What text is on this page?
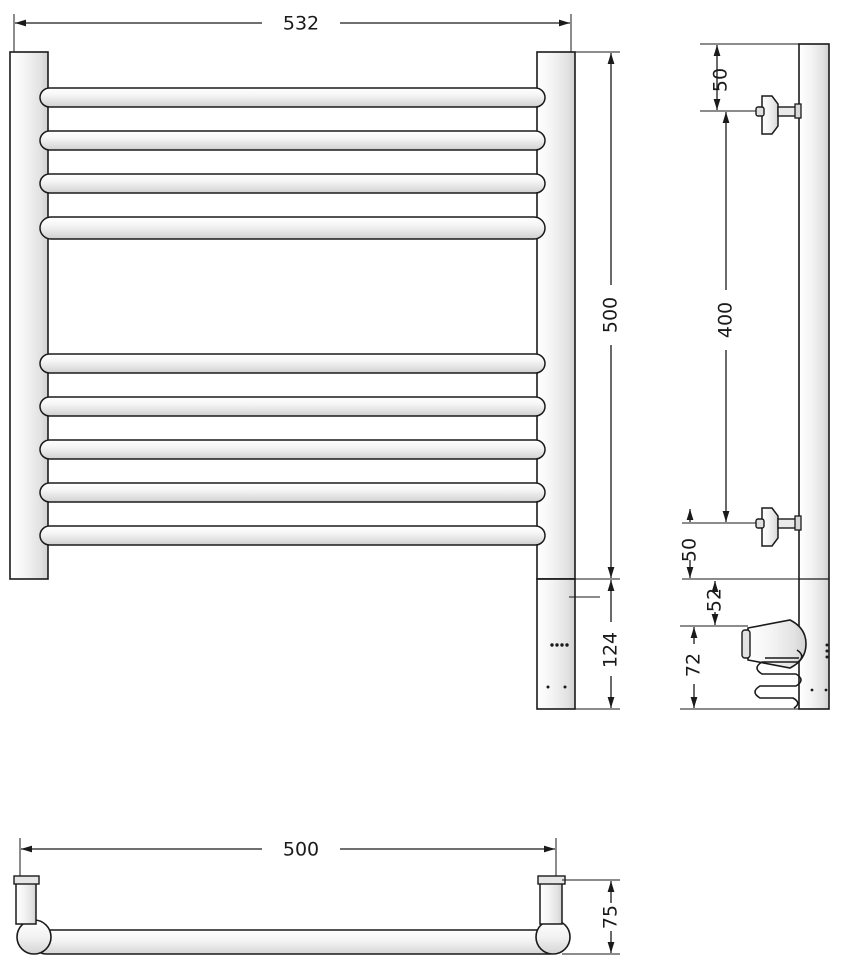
532
500
124
50
400
50
52
72
500
75
